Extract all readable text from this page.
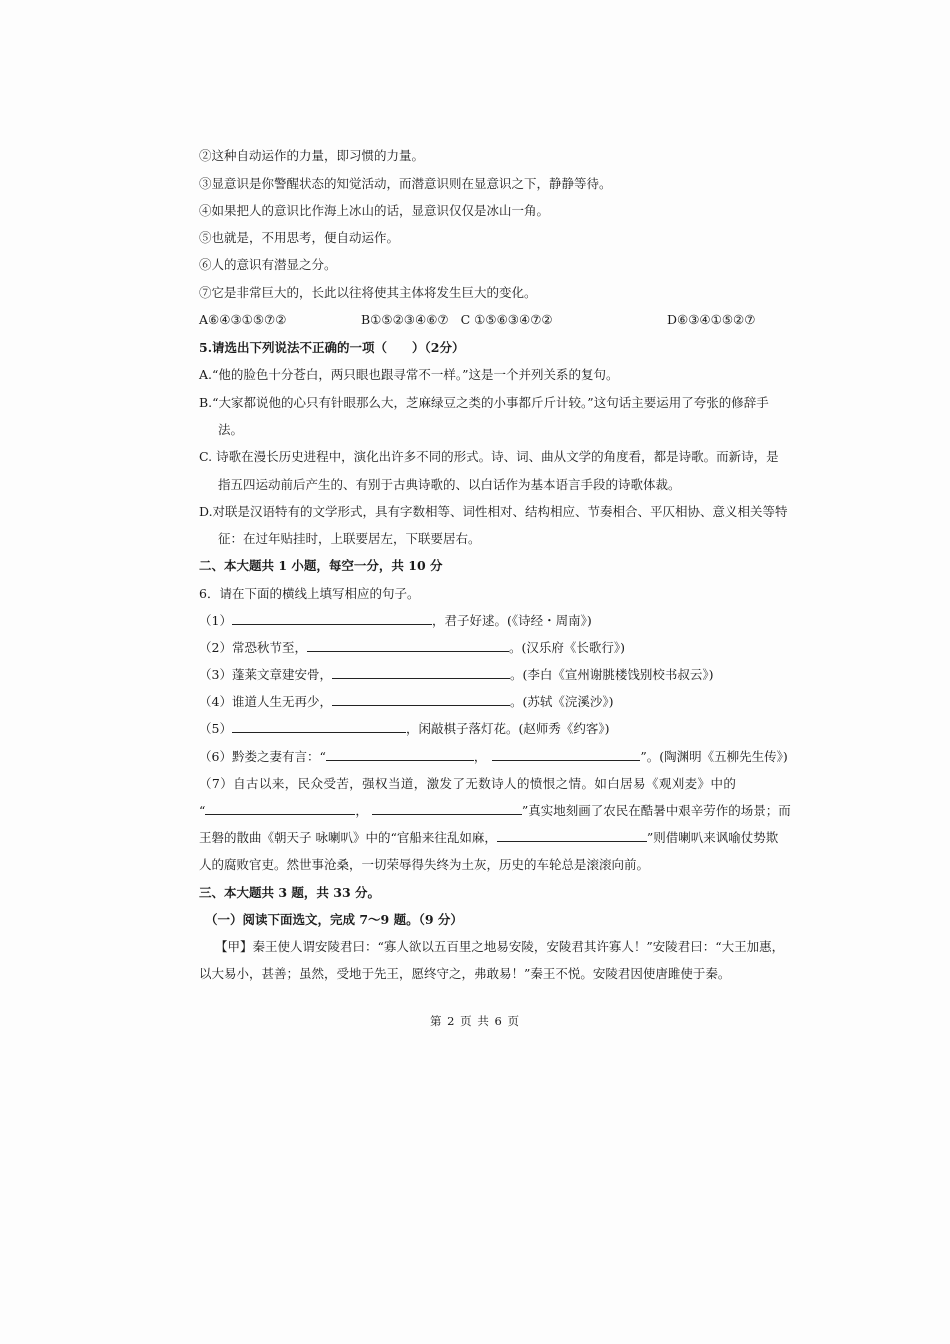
②这种自动运作的力量，即习惯的力量。
③显意识是你警醒状态的知觉活动，而潜意识则在显意识之下，静静等待。
④如果把人的意识比作海上冰山的话，显意识仅仅是冰山一角。
⑤也就是，不用思考，便自动运作。
⑥人的意识有潜显之分。
⑦它是非常巨大的，长此以往将使其主体将发生巨大的变化。
A⑥④③①⑤⑦②	B①⑤②③④⑥⑦ C ①⑤⑥③④⑦②	D⑥③④①⑤②⑦
5.请选出下列说法不正确的一项（　　）（2分）
A.“他的脸色十分苍白，两只眼也跟寻常不一样。”这是一个并列关系的复句。
B.“大家都说他的心只有针眼那么大，芝麻绿豆之类的小事都斤斤计较。”这句话主要运用了夸张的修辞手
法。
C. 诗歌在漫长历史进程中，演化出许多不同的形式。诗、词、曲从文学的角度看，都是诗歌。而新诗，是
指五四运动前后产生的、有别于古典诗歌的、以白话作为基本语言手段的诗歌体裁。
D.对联是汉语特有的文学形式，具有字数相等、词性相对、结构相应、节奏相合、平仄相协、意义相关等特
征：在过年贴挂时，上联要居左，下联要居右。
二、本大题共 1 小题，每空一分，共 10 分
6．请在下面的横线上填写相应的句子。
（1）	，君子好逑。(《诗经・周南》)
（2）常恐秋节至，	。(汉乐府《长歌行》)
（3）蓬莱文章建安骨，	。(李白《宣州谢朓楼饯别校书叔云》)
（4）谁道人生无再少，	。(苏轼《浣溪沙》)
（5）	，闲敲棋子落灯花。(赵师秀《约客》)
（6）黔娄之妻有言：“	，	”。(陶渊明《五柳先生传》)
（7）自古以来，民众受苦，强权当道，激发了无数诗人的愤恨之情。如白居易《观刈麦》中的
“	，	”真实地刻画了农民在酷暑中艰辛劳作的场景；而
王磐的散曲《朝天子 咏喇叭》中的“官船来往乱如麻，	”则借喇叭来讽喻仗势欺
人的腐败官吏。然世事沧桑，一切荣辱得失终为土灰，历史的车轮总是滚滚向前。
三、本大题共 3 题，共 33 分。
（一）阅读下面选文，完成 7～9 题。（9 分）
【甲】秦王使人谓安陵君曰：“寡人欲以五百里之地易安陵，安陵君其许寡人！”安陵君曰：“大王加惠，
以大易小，甚善；虽然，受地于先王，愿终守之，弗敢易！”秦王不悦。安陵君因使唐雎使于秦。
第 2 页 共 6 页
